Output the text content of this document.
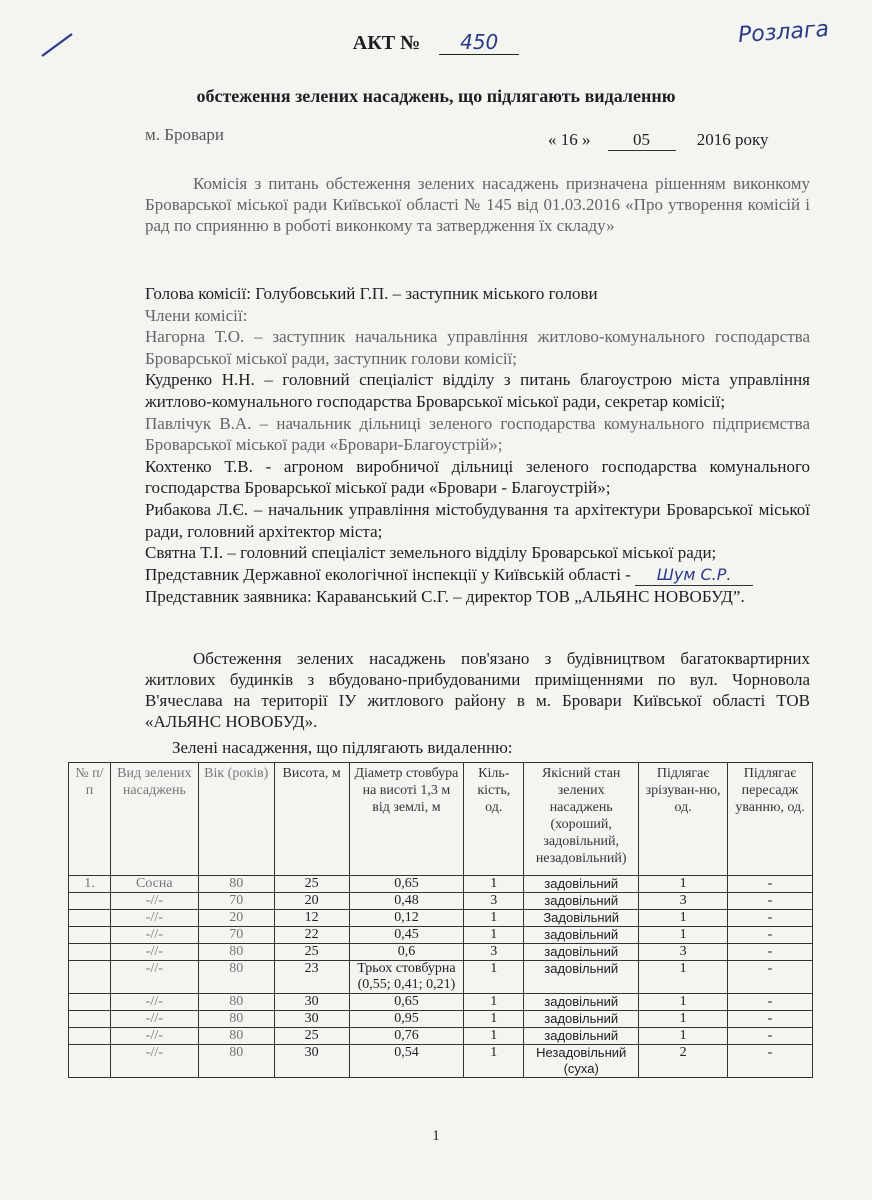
Розлага
АКТ № 450
обстеження зелених насаджень, що підлягають видаленню
м. Бровари	« 16 »	05	2016 року
Комісія з питань обстеження зелених насаджень призначена рішенням виконкому Броварської міської ради Київської області № 145 від 01.03.2016 «Про утворення комісій і рад по сприянню в роботі виконкому та затвердження їх складу»

Голова комісії: Голубовський Г.П. – заступник міського голови

Члени комісії:

Нагорна Т.О. – заступник начальника управління житлово-комунального господарства Броварської міської ради, заступник голови комісії;

Кудренко Н.Н. – головний спеціаліст відділу з питань благоустрою міста управління житлово-комунального господарства Броварської міської ради, секретар комісії;

Павлічук В.А. – начальник дільниці зеленого господарства комунального підприємства Броварської міської ради «Бровари-Благоустрій»;

Кохтенко Т.В. - агроном виробничої дільниці зеленого господарства комунального господарства Броварської міської ради «Бровари - Благоустрій»;

Рибакова Л.Є. – начальник управління містобудування та архітектури Броварської міської ради, головний архітектор міста;

Святна Т.І. – головний спеціаліст земельного відділу Броварської міської ради;

Представник Державної екологічної інспекції у Київській області - Шум С.Р.

Представник заявника: Караванський С.Г. – директор ТОВ „АЛЬЯНС НОВОБУД”.

Обстеження зелених насаджень пов'язано з будівництвом багатоквартирних житлових будинків з вбудовано-прибудованими приміщеннями по вул. Чорновола В'ячеслава на території ІУ житлового району в м. Бровари Київської області ТОВ «АЛЬЯНС НОВОБУД».
Зелені насадження, що підлягають видаленню:
№ п/п	Вид зелених насаджень	Вік (років)	Висота, м	Діаметр стовбура на висоті 1,3 м від землі, м	Кіль-кість, од.	Якісний стан зелених насаджень (хороший, задовільний, незадовільний)	Підлягає зрізуван-ню, од.	Підлягає пересадж уванню, од.
1.	Сосна	80	25	0,65	1	задовільний	1	-
	-//-	70	20	0,48	3	задовільний	3	-
	-//-	20	12	0,12	1	Задовільний	1	-
	-//-	70	22	0,45	1	задовільний	1	-
	-//-	80	25	0,6	3	задовільний	3	-
	-//-	80	23	Трьох стовбурна (0,55; 0,41; 0,21)	1	задовільний	1	-
	-//-	80	30	0,65	1	задовільний	1	-
	-//-	80	30	0,95	1	задовільний	1	-
	-//-	80	25	0,76	1	задовільний	1	-
	-//-	80	30	0,54	1	Незадовільний (суха)	2	-
1
